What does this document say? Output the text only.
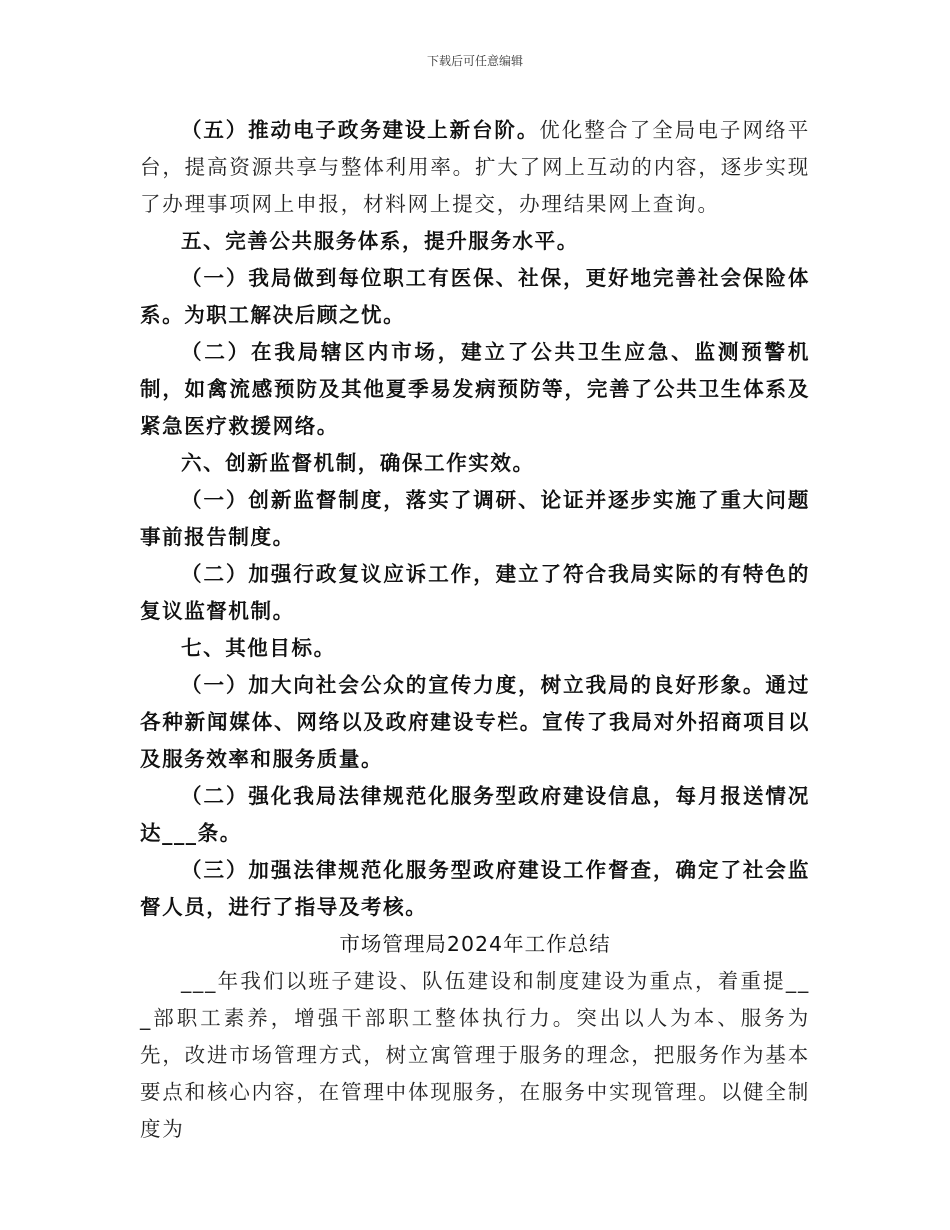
下载后可任意编辑

（五）推动电子政务建设上新台阶。优化整合了全局电子网络平台，提高资源共享与整体利用率。扩大了网上互动的内容，逐步实现了办理事项网上申报，材料网上提交，办理结果网上查询。

五、完善公共服务体系，提升服务水平。

（一）我局做到每位职工有医保、社保，更好地完善社会保险体系。为职工解决后顾之忧。

（二）在我局辖区内市场，建立了公共卫生应急、监测预警机制，如禽流感预防及其他夏季易发病预防等，完善了公共卫生体系及紧急医疗救援网络。

六、创新监督机制，确保工作实效。

（一）创新监督制度，落实了调研、论证并逐步实施了重大问题事前报告制度。

（二）加强行政复议应诉工作，建立了符合我局实际的有特色的复议监督机制。

七、其他目标。

（一）加大向社会公众的宣传力度，树立我局的良好形象。通过各种新闻媒体、网络以及政府建设专栏。宣传了我局对外招商项目以及服务效率和服务质量。

（二）强化我局法律规范化服务型政府建设信息，每月报送情况达___条。

（三）加强法律规范化服务型政府建设工作督查，确定了社会监督人员，进行了指导及考核。

市场管理局2024年工作总结

___年我们以班子建设、队伍建设和制度建设为重点，着重提___部职工素养，增强干部职工整体执行力。突出以人为本、服务为先，改进市场管理方式，树立寓管理于服务的理念，把服务作为基本要点和核心内容，在管理中体现服务，在服务中实现管理。以健全制度为
